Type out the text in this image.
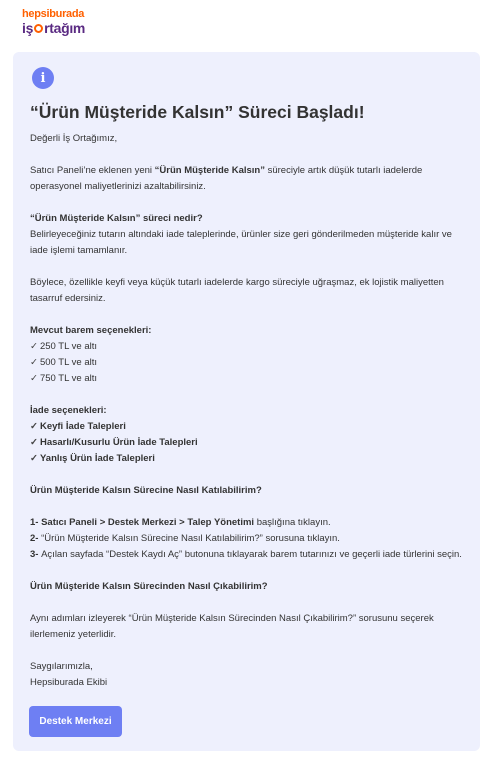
hepsiburada
iş rtağım
i
“Ürün Müşteride Kalsın” Süreci Başladı!

Değerli İş Ortağımız,

Satıcı Paneli’ne eklenen yeni “Ürün Müşteride Kalsın” süreciyle artık düşük tutarlı iadelerde operasyonel maliyetlerinizi azaltabilirsiniz.

“Ürün Müşteride Kalsın” süreci nedir?

Belirleyeceğiniz tutarın altındaki iade taleplerinde, ürünler size geri gönderilmeden müşteride kalır ve iade işlemi tamamlanır.

Böylece, özellikle keyfi veya küçük tutarlı iadelerde kargo süreciyle uğraşmaz, ek lojistik maliyetten tasarruf edersiniz.

Mevcut barem seçenekleri:

✓ 250 TL ve altı

✓ 500 TL ve altı

✓ 750 TL ve altı

İade seçenekleri:

✓ Keyfi İade Talepleri

✓ Hasarlı/Kusurlu Ürün İade Talepleri

✓ Yanlış Ürün İade Talepleri

Ürün Müşteride Kalsın Sürecine Nasıl Katılabilirim?

1- Satıcı Paneli > Destek Merkezi > Talep Yönetimi başlığına tıklayın.

2- “Ürün Müşteride Kalsın Sürecine Nasıl Katılabilirim?” sorusuna tıklayın.

3- Açılan sayfada “Destek Kaydı Aç” butonuna tıklayarak barem tutarınızı ve geçerli iade türlerini seçin.

Ürün Müşteride Kalsın Sürecinden Nasıl Çıkabilirim?

Aynı adımları izleyerek “Ürün Müşteride Kalsın Sürecinden Nasıl Çıkabilirim?” sorusunu seçerek ilerlemeniz yeterlidir.

Saygılarımızla,

Hepsiburada Ekibi

Destek Merkezi
